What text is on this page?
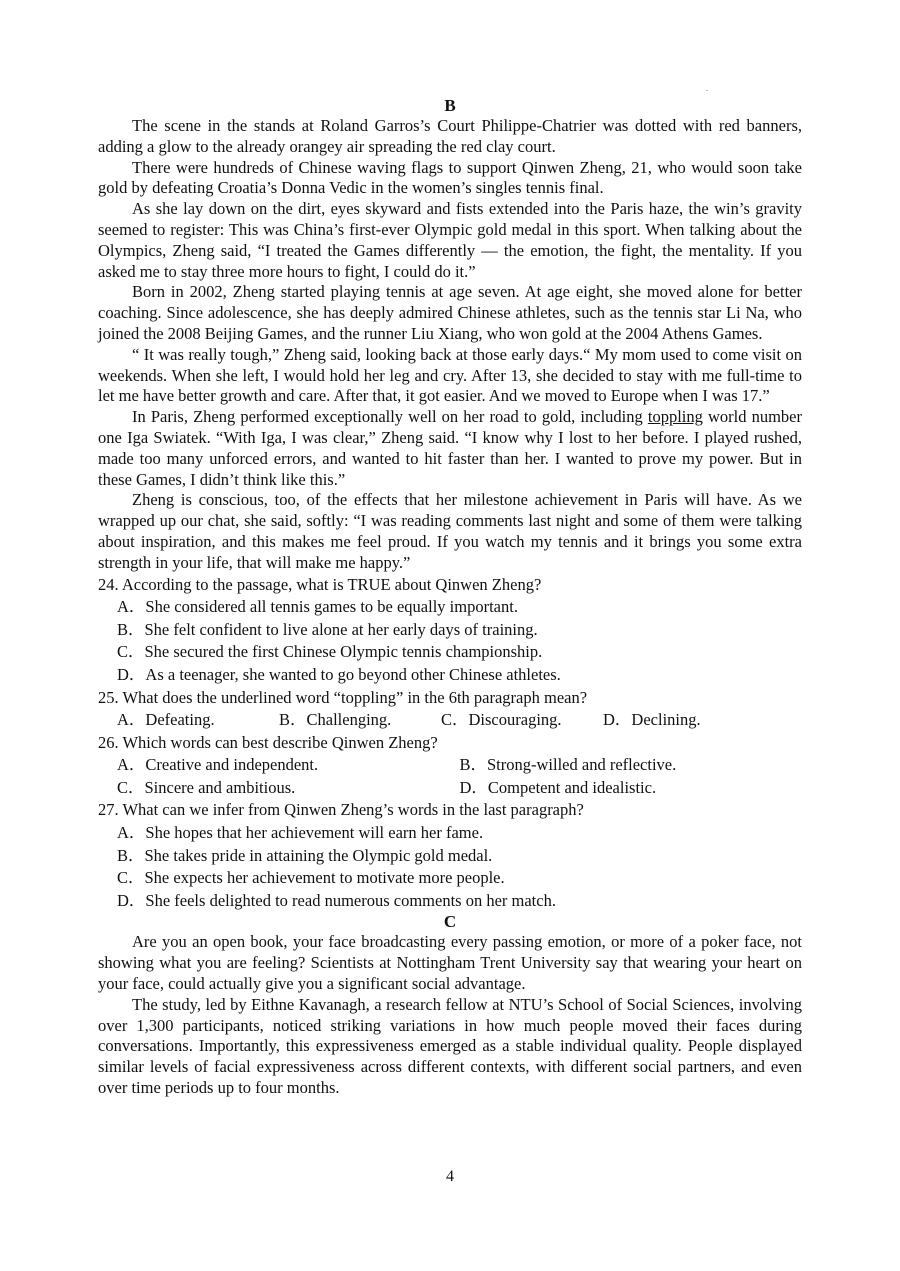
.

B

The scene in the stands at Roland Garros’s Court Philippe-Chatrier was dotted with red banners, adding a glow to the already orangey air spreading the red clay court.

There were hundreds of Chinese waving flags to support Qinwen Zheng, 21, who would soon take gold by defeating Croatia’s Donna Vedic in the women’s singles tennis final.

As she lay down on the dirt, eyes skyward and fists extended into the Paris haze, the win’s gravity seemed to register: This was China’s first-ever Olympic gold medal in this sport. When talking about the Olympics, Zheng said, “I treated the Games differently — the emotion, the fight, the mentality. If you asked me to stay three more hours to fight, I could do it.”

Born in 2002, Zheng started playing tennis at age seven. At age eight, she moved alone for better coaching. Since adolescence, she has deeply admired Chinese athletes, such as the tennis star Li Na, who joined the 2008 Beijing Games, and the runner Liu Xiang, who won gold at the 2004 Athens Games.

“ It was really tough,” Zheng said, looking back at those early days.“ My mom used to come visit on weekends. When she left, I would hold her leg and cry. After 13, she decided to stay with me full-time to let me have better growth and care. After that, it got easier. And we moved to Europe when I was 17.”

In Paris, Zheng performed exceptionally well on her road to gold, including toppling world number one Iga Swiatek. “With Iga, I was clear,” Zheng said. “I know why I lost to her before. I played rushed, made too many unforced errors, and wanted to hit faster than her. I wanted to prove my power. But in these Games, I didn’t think like this.”

Zheng is conscious, too, of the effects that her milestone achievement in Paris will have. As we wrapped up our chat, she said, softly: “I was reading comments last night and some of them were talking about inspiration, and this makes me feel proud. If you watch my tennis and it brings you some extra strength in your life, that will make me happy.”

24. According to the passage, what is TRUE about Qinwen Zheng?

A．She considered all tennis games to be equally important.

B．She felt confident to live alone at her early days of training.

C．She secured the first Chinese Olympic tennis championship.

D．As a teenager, she wanted to go beyond other Chinese athletes.

25. What does the underlined word “toppling” in the 6th paragraph mean?

A．Defeating.	B．Challenging.	C．Discouraging.	D．Declining.

26. Which words can best describe Qinwen Zheng?

A．Creative and independent.	B．Strong-willed and reflective.
C．Sincere and ambitious.	D．Competent and idealistic.

27. What can we infer from Qinwen Zheng’s words in the last paragraph?

A．She hopes that her achievement will earn her fame.

B．She takes pride in attaining the Olympic gold medal.

C．She expects her achievement to motivate more people.

D．She feels delighted to read numerous comments on her match.

C

Are you an open book, your face broadcasting every passing emotion, or more of a poker face, not showing what you are feeling? Scientists at Nottingham Trent University say that wearing your heart on your face, could actually give you a significant social advantage.

The study, led by Eithne Kavanagh, a research fellow at NTU’s School of Social Sciences, involving over 1,300 participants, noticed striking variations in how much people moved their faces during conversations. Importantly, this expressiveness emerged as a stable individual quality. People displayed similar levels of facial expressiveness across different contexts, with different social partners, and even over time periods up to four months.

4
